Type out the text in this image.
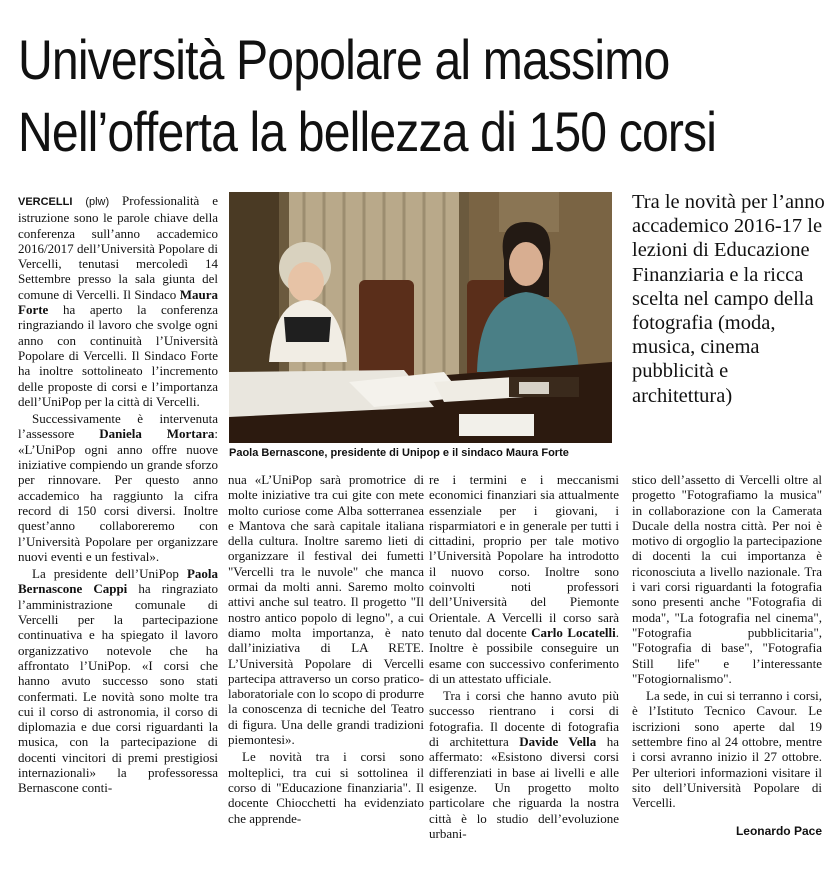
Università Popolare al massimo
Nell’offerta la bellezza di 150 corsi

VERCELLI (plw) Professionalità e istruzione sono le parole chiave della conferenza sull’anno accademico 2016/2017 dell’Università Popolare di Vercelli, tenutasi mercoledì 14 Settembre presso la sala giunta del comune di Vercelli. Il Sindaco Maura Forte ha aperto la conferenza ringraziando il lavoro che svolge ogni anno con continuità l’Università Popolare di Vercelli. Il Sindaco Forte ha inoltre sottolineato l’incremento delle proposte di corsi e l’importanza dell’UniPop per la città di Vercelli.

Successivamente è intervenuta l’assessore Daniela Mortara: «L’UniPop ogni anno offre nuove iniziative compiendo un grande sforzo per rinnovare. Per questo anno accademico ha raggiunto la cifra record di 150 corsi diversi. Inoltre quest’anno collaboreremo con l’Università Popolare per organizzare nuovi eventi e un festival».

La presidente dell’UniPop Paola Bernascone Cappi ha ringraziato l’amministrazione comunale di Vercelli per la partecipazione continuativa e ha spiegato il lavoro organizzativo notevole che ha affrontato l’UniPop. «I corsi che hanno avuto successo sono stati confermati. Le novità sono molte tra cui il corso di astronomia, il corso di diplomazia e due corsi riguardanti la musica, con la partecipazione di docenti vincitori di premi prestigiosi internazionali» la professoressa Bernascone conti-

Paola Bernascone, presidente di Unipop e il sindaco Maura Forte
Tra le novità per l’anno accademico 2016-17 le lezioni di Educazione Finanziaria e la ricca scelta nel campo della fotografia (moda, musica, cinema pubblicità e architettura)

nua «L’UniPop sarà promotrice di molte iniziative tra cui gite con mete molto curiose come Alba sotterranea e Mantova che sarà capitale italiana della cultura. Inoltre saremo lieti di organizzare il festival dei fumetti "Vercelli tra le nuvole" che manca ormai da molti anni. Saremo molto attivi anche sul teatro. Il progetto "Il nostro antico popolo di legno", a cui diamo molta importanza, è nato dall’iniziativa di LA RETE. L’Università Popolare di Vercelli partecipa attraverso un corso pratico-laboratoriale con lo scopo di produrre la conoscenza di tecniche del Teatro di figura. Una delle grandi tradizioni piemontesi».

Le novità tra i corsi sono molteplici, tra cui si sottolinea il corso di "Educazione finanziaria". Il docente Chiocchetti ha evidenziato che apprende-

re i termini e i meccanismi economici finanziari sia attualmente essenziale per i giovani, i risparmiatori e in generale per tutti i cittadini, proprio per tale motivo l’Università Popolare ha introdotto il nuovo corso. Inoltre sono coinvolti noti professori dell’Università del Piemonte Orientale. A Vercelli il corso sarà tenuto dal docente Carlo Locatelli. Inoltre è possibile conseguire un esame con successivo conferimento di un attestato ufficiale.

Tra i corsi che hanno avuto più successo rientrano i corsi di fotografia. Il docente di fotografia di architettura Davide Vella ha affermato: «Esistono diversi corsi differenziati in base ai livelli e alle esigenze. Un progetto molto particolare che riguarda la nostra città è lo studio dell’evoluzione urbani-

stico dell’assetto di Vercelli oltre al progetto "Fotografiamo la musica" in collaborazione con la Camerata Ducale della nostra città. Per noi è motivo di orgoglio la partecipazione di docenti la cui importanza è riconosciuta a livello nazionale. Tra i vari corsi riguardanti la fotografia sono presenti anche "Fotografia di moda", "La fotografia nel cinema", "Fotografia pubblicitaria", "Fotografia di base", "Fotografia Still life" e l’interessante "Fotogiornalismo".

La sede, in cui si terranno i corsi, è l’Istituto Tecnico Cavour. Le iscrizioni sono aperte dal 19 settembre fino al 24 ottobre, mentre i corsi avranno inizio il 27 ottobre. Per ulteriori informazioni visitare il sito dell’Università Popolare di Vercelli.

Leonardo Pace
